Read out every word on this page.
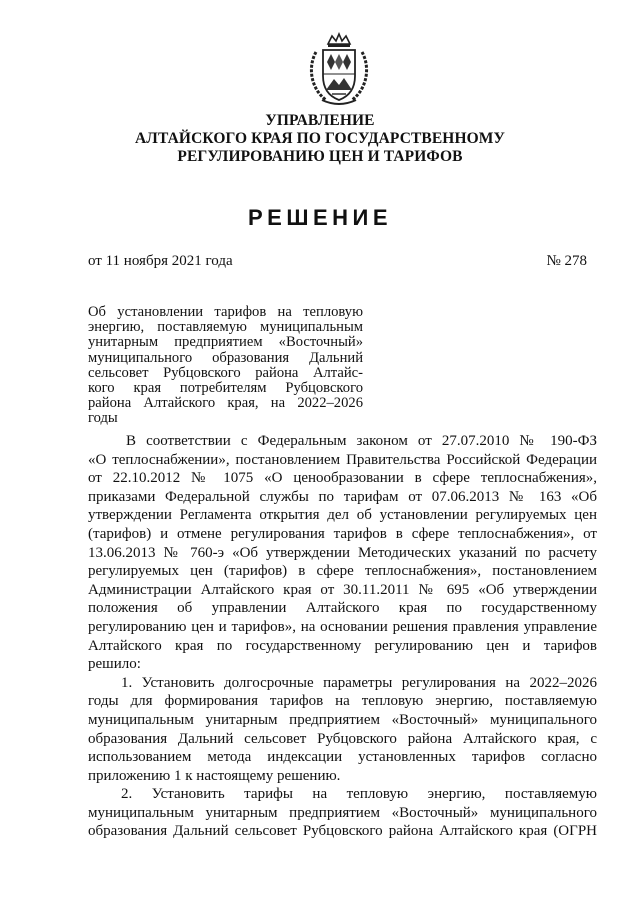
УПРАВЛЕНИЕ
АЛТАЙСКОГО КРАЯ ПО ГОСУДАРСТВЕННОМУ
РЕГУЛИРОВАНИЮ ЦЕН И ТАРИФОВ
РЕШЕНИЕ
от 11 ноября 2021 года	№ 278
Об установлении тарифов на тепловую
энергию, поставляемую муниципальным
унитарным предприятием «Восточный»
муниципального образования Дальний
сельсовет Рубцовского района Алтайс-
кого края потребителям Рубцовского
района Алтайского края, на 2022–2026
годы
В соответствии с Федеральным законом от 27.07.2010 № 190-ФЗ
«О теплоснабжении», постановлением Правительства Российской Федерации
от 22.10.2012 № 1075 «О ценообразовании в сфере теплоснабжения»,
приказами Федеральной службы по тарифам от 07.06.2013 № 163 «Об
утверждении Регламента открытия дел об установлении регулируемых цен
(тарифов) и отмене регулирования тарифов в сфере теплоснабжения», от
13.06.2013 № 760-э «Об утверждении Методических указаний по расчету
регулируемых цен (тарифов) в сфере теплоснабжения», постановлением
Администрации Алтайского края от 30.11.2011 № 695 «Об утверждении
положения об управлении Алтайского края по государственному
регулированию цен и тарифов», на основании решения правления управление
Алтайского края по государственному регулированию цен и тарифов
решило:
1. Установить долгосрочные параметры регулирования на 2022–2026
годы для формирования тарифов на тепловую энергию, поставляемую
муниципальным унитарным предприятием «Восточный» муниципального
образования Дальний сельсовет Рубцовского района Алтайского края, с
использованием метода индексации установленных тарифов согласно
приложению 1 к настоящему решению.
2. Установить тарифы на тепловую энергию, поставляемую
муниципальным унитарным предприятием «Восточный» муниципального
образования Дальний сельсовет Рубцовского района Алтайского края (ОГРН
